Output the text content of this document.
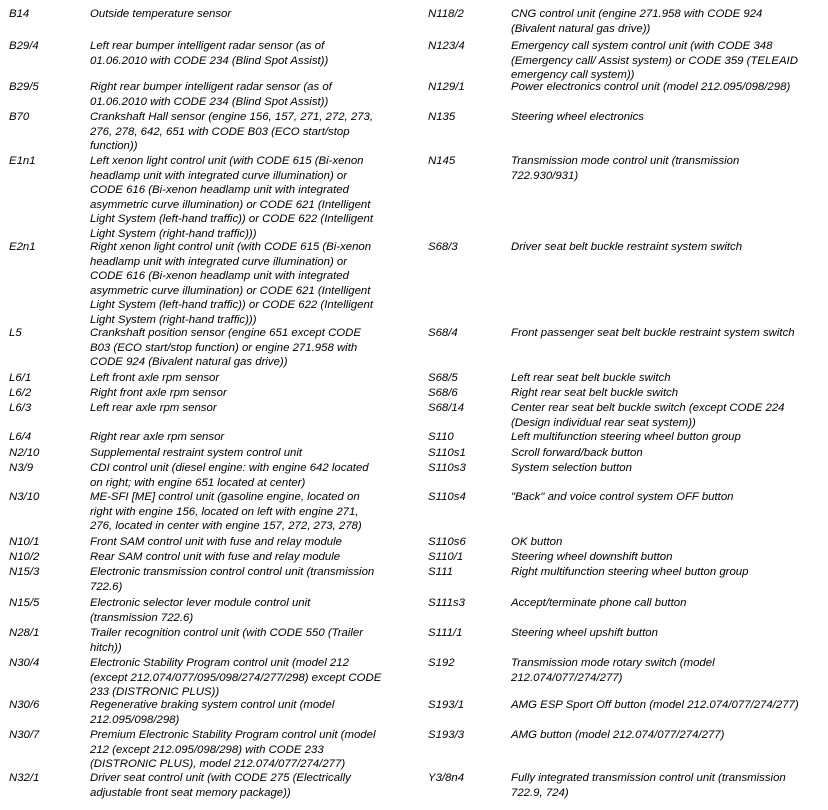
B14	Outside temperature sensor
B29/4	Left rear bumper intelligent radar sensor (as of
01.06.2010 with CODE 234 (Blind Spot Assist))
B29/5	Right rear bumper intelligent radar sensor (as of
01.06.2010 with CODE 234 (Blind Spot Assist))
B70	Crankshaft Hall sensor (engine 156, 157, 271, 272, 273,
276, 278, 642, 651 with CODE B03 (ECO start/stop
function))
E1n1	Left xenon light control unit (with CODE 615 (Bi-xenon
headlamp unit with integrated curve illumination) or
CODE 616 (Bi-xenon headlamp unit with integrated
asymmetric curve illumination) or CODE 621 (Intelligent
Light System (left-hand traffic)) or CODE 622 (Intelligent
Light System (right-hand traffic)))
E2n1	Right xenon light control unit (with CODE 615 (Bi-xenon
headlamp unit with integrated curve illumination) or
CODE 616 (Bi-xenon headlamp unit with integrated
asymmetric curve illumination) or CODE 621 (Intelligent
Light System (left-hand traffic)) or CODE 622 (Intelligent
Light System (right-hand traffic)))
L5	Crankshaft position sensor (engine 651 except CODE
B03 (ECO start/stop function) or engine 271.958 with
CODE 924 (Bivalent natural gas drive))
L6/1	Left front axle rpm sensor
L6/2	Right front axle rpm sensor
L6/3	Left rear axle rpm sensor
L6/4	Right rear axle rpm sensor
N2/10	Supplemental restraint system control unit
N3/9	CDI control unit (diesel engine: with engine 642 located
on right; with engine 651 located at center)
N3/10	ME-SFI [ME] control unit (gasoline engine, located on
right with engine 156, located on left with engine 271,
276, located in center with engine 157, 272, 273, 278)
N10/1	Front SAM control unit with fuse and relay module
N10/2	Rear SAM control unit with fuse and relay module
N15/3	Electronic transmission control control unit (transmission
722.6)
N15/5	Electronic selector lever module control unit
(transmission 722.6)
N28/1	Trailer recognition control unit (with CODE 550 (Trailer
hitch))
N30/4	Electronic Stability Program control unit (model 212
(except 212.074/077/095/098/274/277/298) except CODE
233 (DISTRONIC PLUS))
N30/6	Regenerative braking system control unit (model
212.095/098/298)
N30/7	Premium Electronic Stability Program control unit (model
212 (except 212.095/098/298) with CODE 233
(DISTRONIC PLUS), model 212.074/077/274/277)
N32/1	Driver seat control unit (with CODE 275 (Electrically
adjustable front seat memory package))
N118/2	CNG control unit (engine 271.958 with CODE 924
(Bivalent natural gas drive))
N123/4	Emergency call system control unit (with CODE 348
(Emergency call/ Assist system) or CODE 359 (TELEAID
emergency call system))
N129/1	Power electronics control unit (model 212.095/098/298)
N135	Steering wheel electronics
N145	Transmission mode control unit (transmission
722.930/931)
S68/3	Driver seat belt buckle restraint system switch
S68/4	Front passenger seat belt buckle restraint system switch
S68/5	Left rear seat belt buckle switch
S68/6	Right rear seat belt buckle switch
S68/14	Center rear seat belt buckle switch (except CODE 224
(Design individual rear seat system))
S110	Left multifunction steering wheel button group
S110s1	Scroll forward/back button
S110s3	System selection button
S110s4	"Back" and voice control system OFF button
S110s6	OK button
S110/1	Steering wheel downshift button
S111	Right multifunction steering wheel button group
S111s3	Accept/terminate phone call button
S111/1	Steering wheel upshift button
S192	Transmission mode rotary switch (model
212.074/077/274/277)
S193/1	AMG ESP Sport Off button (model 212.074/077/274/277)
S193/3	AMG button (model 212.074/077/274/277)
Y3/8n4	Fully integrated transmission control unit (transmission
722.9, 724)
